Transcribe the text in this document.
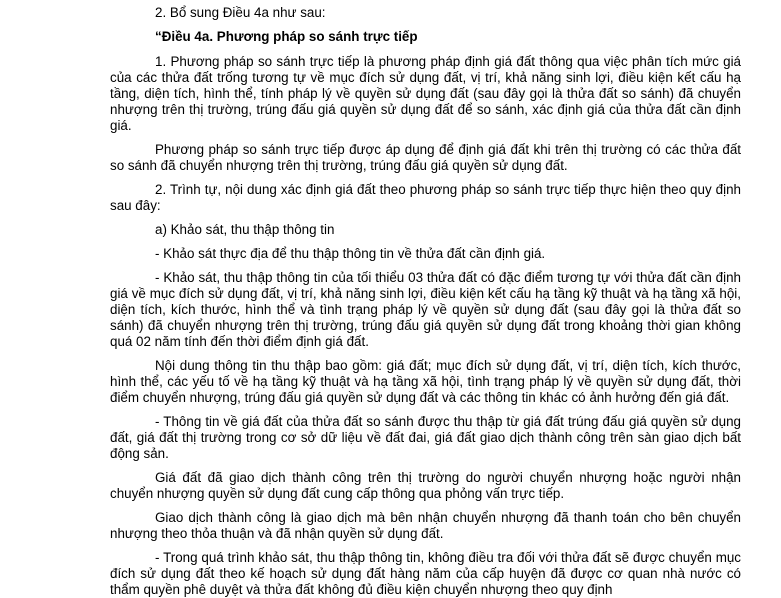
2. Bổ sung Điều 4a như sau:
“Điều 4a. Phương pháp so sánh trực tiếp
1. Phương pháp so sánh trực tiếp là phương pháp định giá đất thông qua việc phân tích mức giá của các thửa đất trống tương tự về mục đích sử dụng đất, vị trí, khả năng sinh lợi, điều kiện kết cấu hạ tầng, diện tích, hình thể, tính pháp lý về quyền sử dụng đất (sau đây gọi là thửa đất so sánh) đã chuyển nhượng trên thị trường, trúng đấu giá quyền sử dụng đất để so sánh, xác định giá của thửa đất cần định giá.
Phương pháp so sánh trực tiếp được áp dụng để định giá đất khi trên thị trường có các thửa đất so sánh đã chuyển nhượng trên thị trường, trúng đấu giá quyền sử dụng đất.
2. Trình tự, nội dung xác định giá đất theo phương pháp so sánh trực tiếp thực hiện theo quy định sau đây:
a) Khảo sát, thu thập thông tin
- Khảo sát thực địa để thu thập thông tin về thửa đất cần định giá.
- Khảo sát, thu thập thông tin của tối thiểu 03 thửa đất có đặc điểm tương tự với thửa đất cần định giá về mục đích sử dụng đất, vị trí, khả năng sinh lợi, điều kiện kết cấu hạ tầng kỹ thuật và hạ tầng xã hội, diện tích, kích thước, hình thể và tình trạng pháp lý về quyền sử dụng đất (sau đây gọi là thửa đất so sánh) đã chuyển nhượng trên thị trường, trúng đấu giá quyền sử dụng đất trong khoảng thời gian không quá 02 năm tính đến thời điểm định giá đất.
Nội dung thông tin thu thập bao gồm: giá đất; mục đích sử dụng đất, vị trí, diện tích, kích thước, hình thể, các yếu tố về hạ tầng kỹ thuật và hạ tầng xã hội, tình trạng pháp lý về quyền sử dụng đất, thời điểm chuyển nhượng, trúng đấu giá quyền sử dụng đất và các thông tin khác có ảnh hưởng đến giá đất.
- Thông tin về giá đất của thửa đất so sánh được thu thập từ giá đất trúng đấu giá quyền sử dụng đất, giá đất thị trường trong cơ sở dữ liệu về đất đai, giá đất giao dịch thành công trên sàn giao dịch bất động sản.
Giá đất đã giao dịch thành công trên thị trường do người chuyển nhượng hoặc người nhận chuyển nhượng quyền sử dụng đất cung cấp thông qua phỏng vấn trực tiếp.
Giao dịch thành công là giao dịch mà bên nhận chuyển nhượng đã thanh toán cho bên chuyển nhượng theo thỏa thuận và đã nhận quyền sử dụng đất.
- Trong quá trình khảo sát, thu thập thông tin, không điều tra đối với thửa đất sẽ được chuyển mục đích sử dụng đất theo kế hoạch sử dụng đất hàng năm của cấp huyện đã được cơ quan nhà nước có thẩm quyền phê duyệt và thửa đất không đủ điều kiện chuyển nhượng theo quy định
